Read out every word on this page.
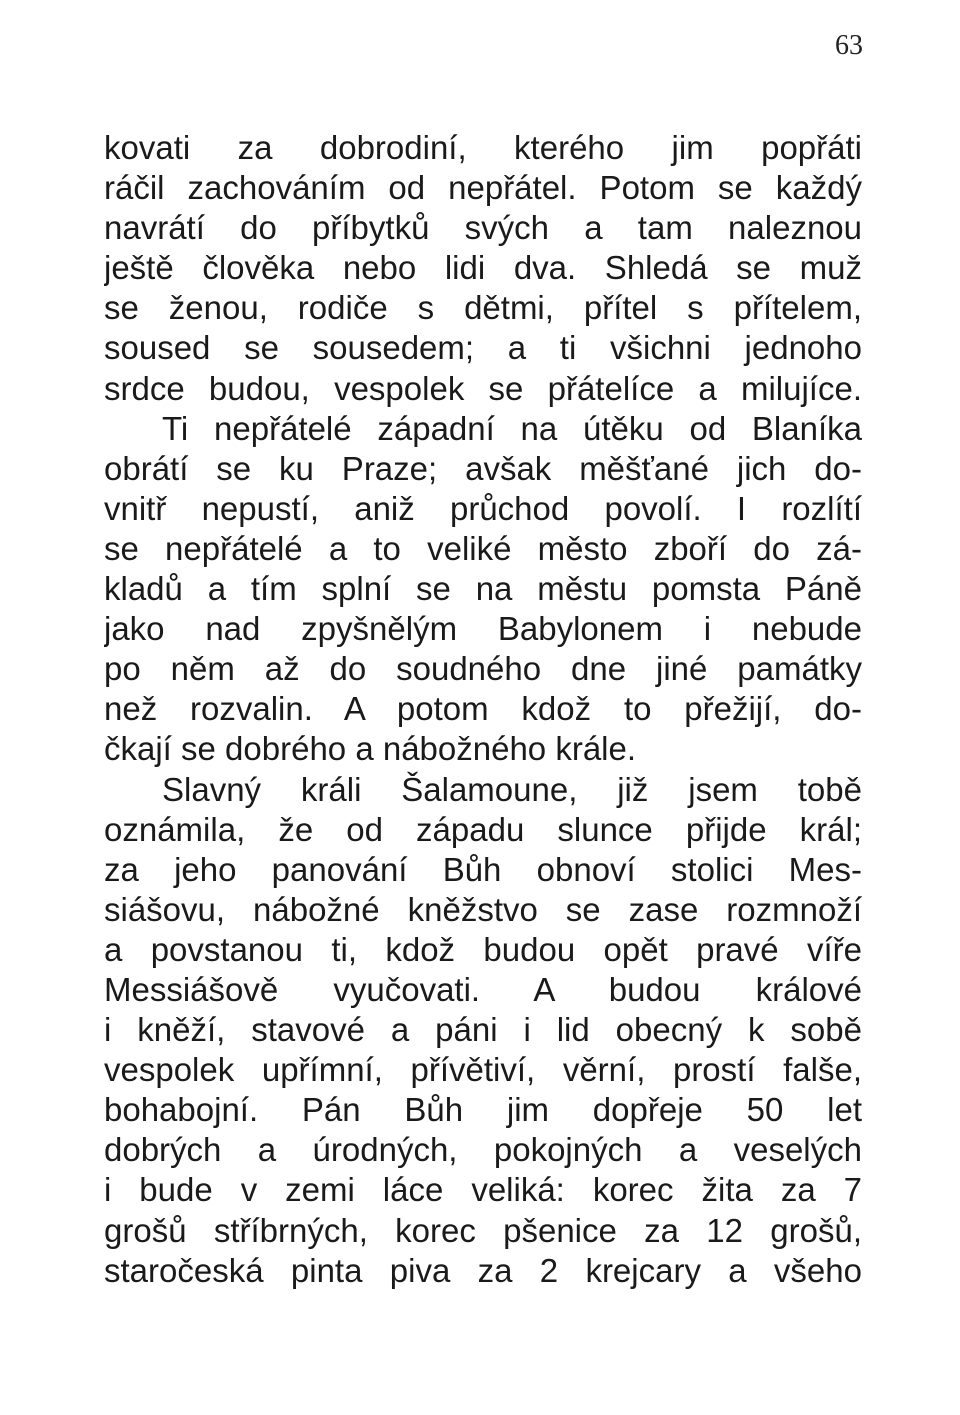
63
kovati za dobrodiní, kterého jim popřáti
ráčil zachováním od nepřátel. Potom se každý
navrátí do příbytků svých a tam naleznou
ještě člověka nebo lidi dva. Shledá se muž
se ženou, rodiče s dětmi, přítel s přítelem,
soused se sousedem; a ti všichni jednoho
srdce budou, vespolek se přátelíce a milujíce.
Ti nepřátelé západní na útěku od Blaníka
obrátí se ku Praze; avšak měšťané jich do-
vnitř nepustí, aniž průchod povolí. I rozlítí
se nepřátelé a to veliké město zboří do zá-
kladů a tím splní se na městu pomsta Páně
jako nad zpyšnělým Babylonem i nebude
po něm až do soudného dne jiné památky
než rozvalin. A potom kdož to přežijí, do-
čkají se dobrého a nábožného krále.
Slavný králi Šalamoune, již jsem tobě
oznámila, že od západu slunce přijde král;
za jeho panování Bůh obnoví stolici Mes-
siášovu, nábožné kněžstvo se zase rozmnoží
a povstanou ti, kdož budou opět pravé víře
Messiášově vyučovati. A budou králové
i kněží, stavové a páni i lid obecný k sobě
vespolek upřímní, přívětiví, věrní, prostí falše,
bohabojní. Pán Bůh jim dopřeje 50 let
dobrých a úrodných, pokojných a veselých
i bude v zemi láce veliká: korec žita za 7
grošů stříbrných, korec pšenice za 12 grošů,
staročeská pinta piva za 2 krejcary a všeho
